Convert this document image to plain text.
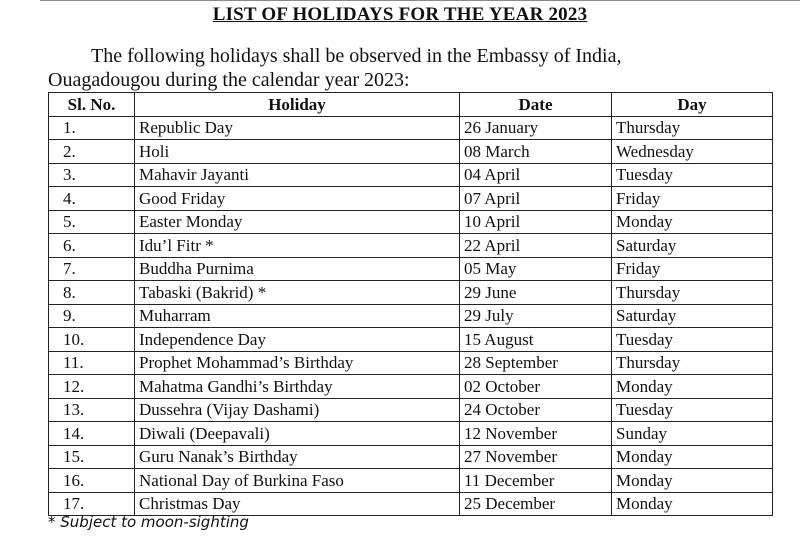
LIST OF HOLIDAYS FOR THE YEAR 2023
The following holidays shall be observed in the Embassy of India,
Ouagadougou during the calendar year 2023:
Sl. No.	Holiday	Date	Day
1.	Republic Day	26 January	Thursday
2.	Holi	08 March	Wednesday
3.	Mahavir Jayanti	04 April	Tuesday
4.	Good Friday	07 April	Friday
5.	Easter Monday	10 April	Monday
6.	Idu’l Fitr *	22 April	Saturday
7.	Buddha Purnima	05 May	Friday
8.	Tabaski (Bakrid) *	29 June	Thursday
9.	Muharram	29 July	Saturday
10.	Independence Day	15 August	Tuesday
11.	Prophet Mohammad’s Birthday	28 September	Thursday
12.	Mahatma Gandhi’s Birthday	02 October	Monday
13.	Dussehra (Vijay Dashami)	24 October	Tuesday
14.	Diwali (Deepavali)	12 November	Sunday
15.	Guru Nanak’s Birthday	27 November	Monday
16.	National Day of Burkina Faso	11 December	Monday
17.	Christmas Day	25 December	Monday
* Subject to moon-sighting
